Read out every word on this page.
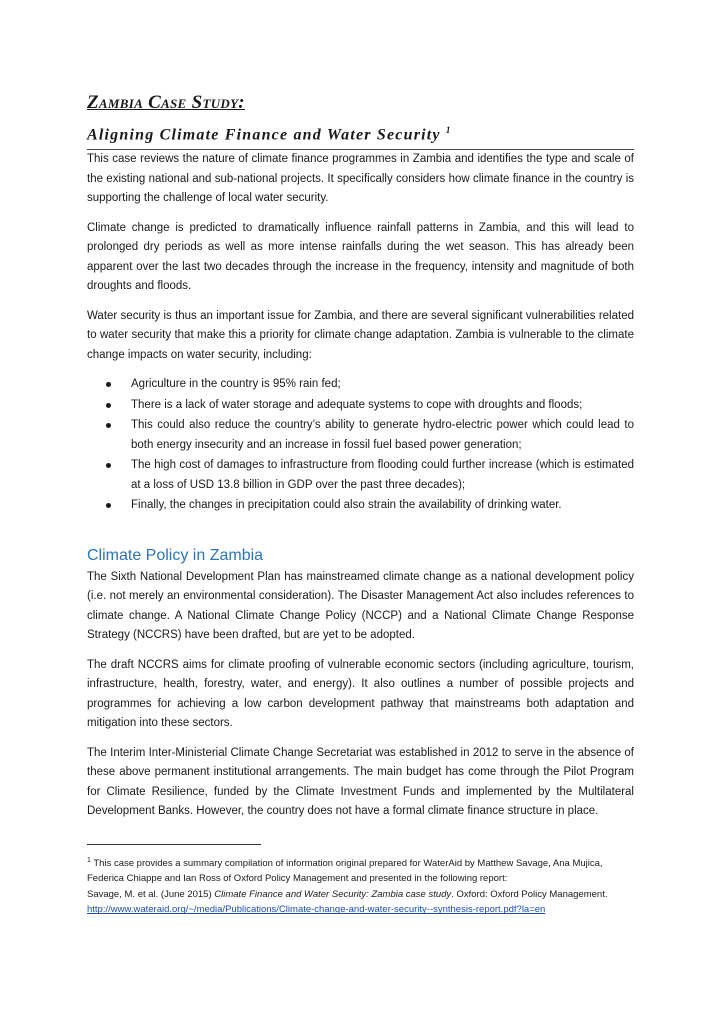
Zambia Case Study:
Aligning Climate Finance and Water Security $^1$

This case reviews the nature of climate finance programmes in Zambia and identifies the type and scale of the existing national and sub-national projects. It specifically considers how climate finance in the country is supporting the challenge of local water security.

Climate change is predicted to dramatically influence rainfall patterns in Zambia, and this will lead to prolonged dry periods as well as more intense rainfalls during the wet season. This has already been apparent over the last two decades through the increase in the frequency, intensity and magnitude of both droughts and floods.

Water security is thus an important issue for Zambia, and there are several significant vulnerabilities related to water security that make this a priority for climate change adaptation. Zambia is vulnerable to the climate change impacts on water security, including:

Agriculture in the country is 95% rain fed;
There is a lack of water storage and adequate systems to cope with droughts and floods;
This could also reduce the country’s ability to generate hydro-electric power which could lead to both energy insecurity and an increase in fossil fuel based power generation;
The high cost of damages to infrastructure from flooding could further increase (which is estimated at a loss of USD 13.8 billion in GDP over the past three decades);
Finally, the changes in precipitation could also strain the availability of drinking water.
Climate Policy in Zambia

The Sixth National Development Plan has mainstreamed climate change as a national development policy (i.e. not merely an environmental consideration). The Disaster Management Act also includes references to climate change. A National Climate Change Policy (NCCP) and a National Climate Change Response Strategy (NCCRS) have been drafted, but are yet to be adopted.

The draft NCCRS aims for climate proofing of vulnerable economic sectors (including agriculture, tourism, infrastructure, health, forestry, water, and energy). It also outlines a number of possible projects and programmes for achieving a low carbon development pathway that mainstreams both adaptation and mitigation into these sectors.

The Interim Inter-Ministerial Climate Change Secretariat was established in 2012 to serve in the absence of these above permanent institutional arrangements. The main budget has come through the Pilot Program for Climate Resilience, funded by the Climate Investment Funds and implemented by the Multilateral Development Banks. However, the country does not have a formal climate finance structure in place.

$^1$ This case provides a summary compilation of information original prepared for WaterAid by Matthew Savage, Ana Mujica, Federica Chiappe and Ian Ross of Oxford Policy Management and presented in the following report:
Savage, M. et al. (June 2015) Climate Finance and Water Security: Zambia case study. Oxford: Oxford Policy Management.
http://www.wateraid.org/~/media/Publications/Climate-change-and-water-security--synthesis-report.pdf?la=en
